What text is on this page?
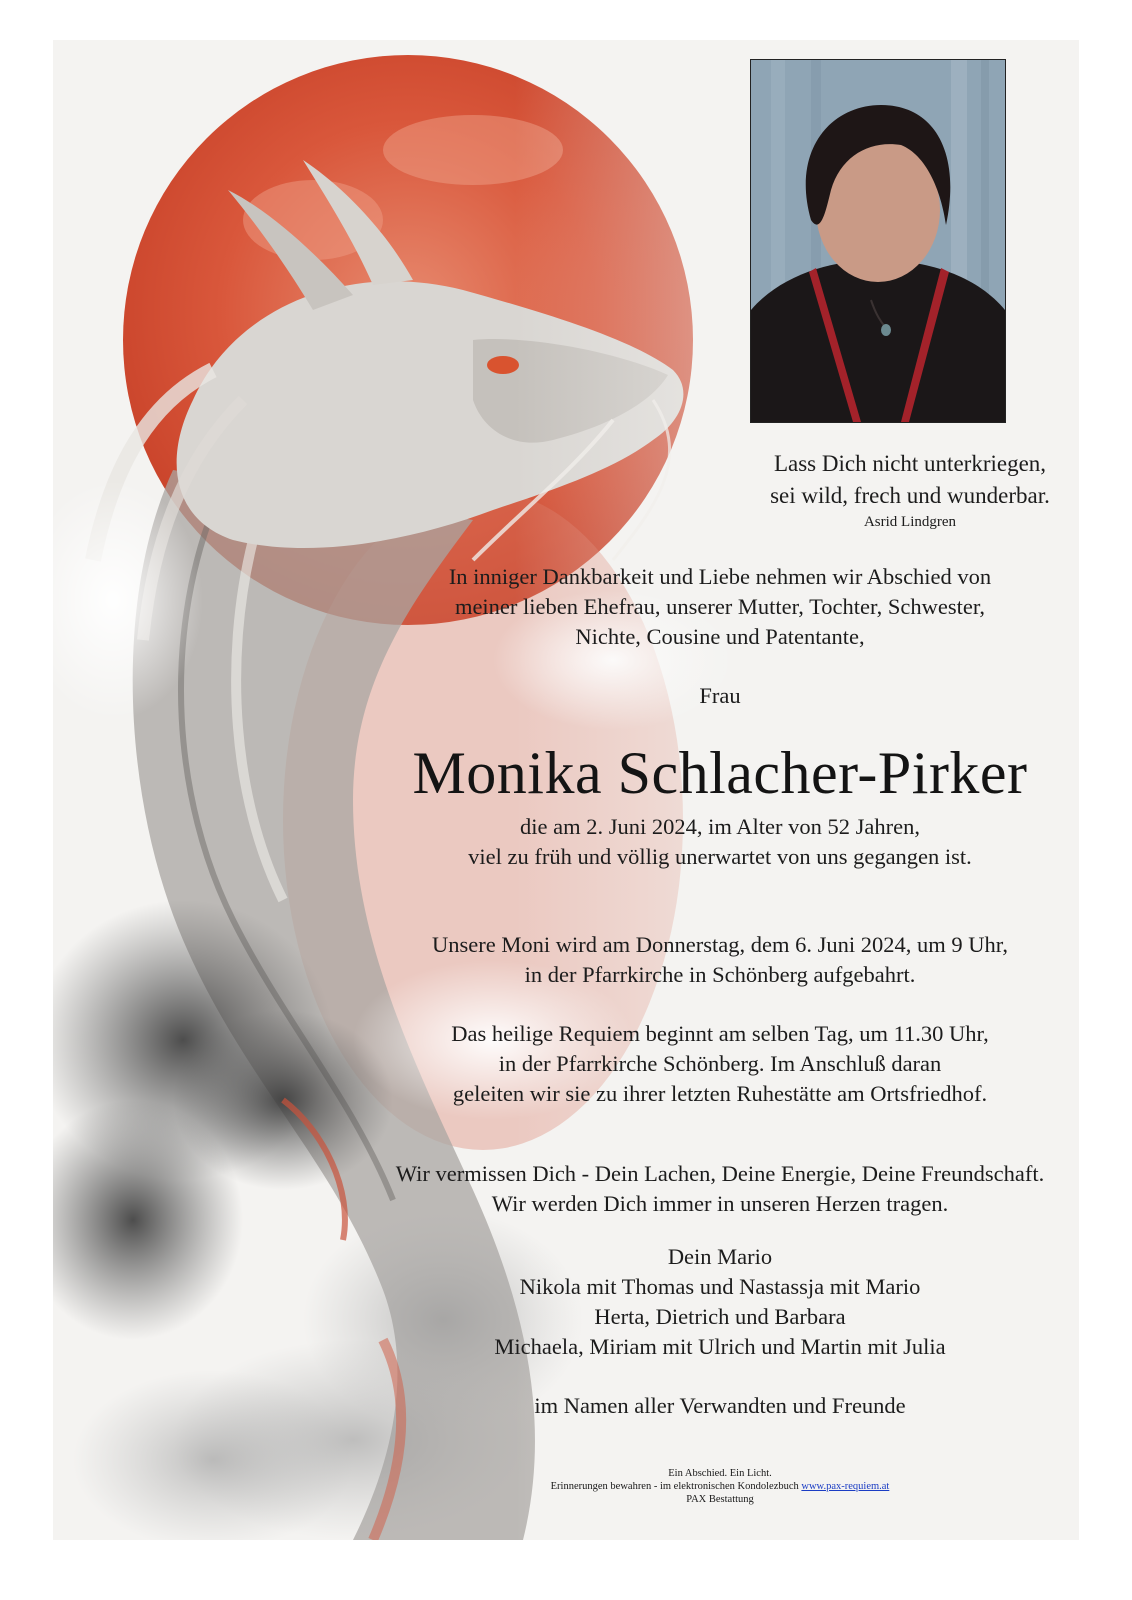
Lass Dich nicht unterkriegen,
sei wild, frech und wunderbar.
Asrid Lindgren
In inniger Dankbarkeit und Liebe nehmen wir Abschied von
meiner lieben Ehefrau, unserer Mutter, Tochter, Schwester,
Nichte, Cousine und Patentante,
Frau
Monika Schlacher-Pirker
die am 2. Juni 2024, im Alter von 52 Jahren,
viel zu früh und völlig unerwartet von uns gegangen ist.
Unsere Moni wird am Donnerstag, dem 6. Juni 2024, um 9 Uhr,
in der Pfarrkirche in Schönberg aufgebahrt.
Das heilige Requiem beginnt am selben Tag, um 11.30 Uhr,
in der Pfarrkirche Schönberg. Im Anschluß daran
geleiten wir sie zu ihrer letzten Ruhestätte am Ortsfriedhof.
Wir vermissen Dich - Dein Lachen, Deine Energie, Deine Freundschaft.
Wir werden Dich immer in unseren Herzen tragen.
Dein Mario
Nikola mit Thomas und Nastassja mit Mario
Herta, Dietrich und Barbara
Michaela, Miriam mit Ulrich und Martin mit Julia
im Namen aller Verwandten und Freunde
Ein Abschied. Ein Licht.
Erinnerungen bewahren - im elektronischen Kondolezbuch www.pax-requiem.at
PAX Bestattung
